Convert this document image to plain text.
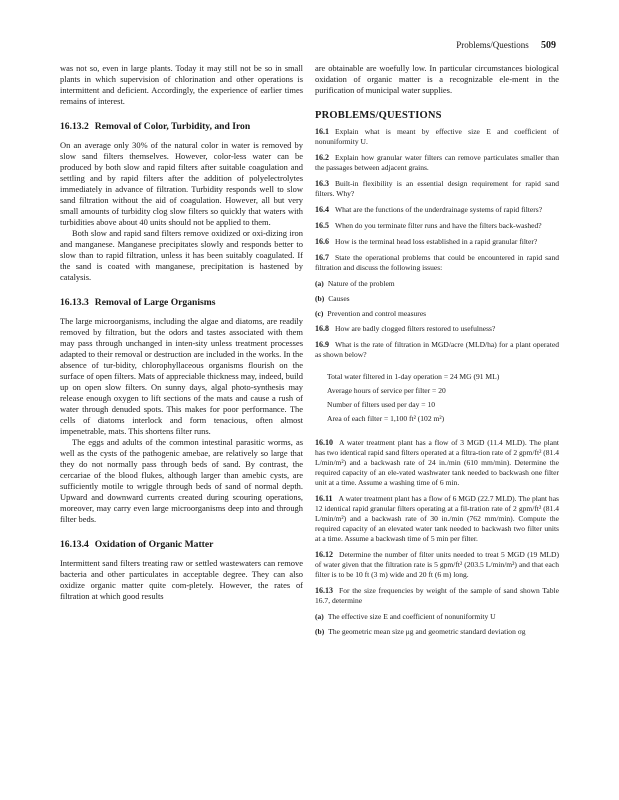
Problems/Questions 509

was not so, even in large plants. Today it may still not be so in small plants in which supervision of chlorination and other operations is intermittent and deficient. Accordingly, the experience of earlier times remains of interest.

16.13.2 Removal of Color, Turbidity, and Iron

On an average only 30% of the natural color in water is removed by slow sand filters themselves. However, color-less water can be produced by both slow and rapid filters after suitable coagulation and settling and by rapid filters after the addition of polyelectrolytes immediately in advance of filtration. Turbidity responds well to slow sand filtration without the aid of coagulation. However, all but very small amounts of turbidity clog slow filters so quickly that waters with turbidities above about 40 units should not be applied to them.

Both slow and rapid sand filters remove oxidized or oxi-dizing iron and manganese. Manganese precipitates slowly and responds better to slow than to rapid filtration, unless it has been suitably coagulated. If the sand is coated with manganese, precipitation is hastened by catalysis.

16.13.3 Removal of Large Organisms

The large microorganisms, including the algae and diatoms, are readily removed by filtration, but the odors and tastes associated with them may pass through unchanged in inten-sity unless treatment processes adapted to their removal or destruction are included in the works. In the absence of tur-bidity, chlorophyllaceous organisms flourish on the surface of open filters. Mats of appreciable thickness may, indeed, build up on open slow filters. On sunny days, algal photo-synthesis may release enough oxygen to lift sections of the mats and cause a rush of water through denuded spots. This makes for poor performance. The cells of diatoms interlock and form tenacious, often almost impenetrable, mats. This shortens filter runs.

The eggs and adults of the common intestinal parasitic worms, as well as the cysts of the pathogenic amebae, are relatively so large that they do not normally pass through beds of sand. By contrast, the cercariae of the blood flukes, although larger than amebic cysts, are sufficiently motile to wriggle through beds of sand of normal depth. Upward and downward currents created during scouring operations, moreover, may carry even large microorganisms deep into and through filter beds.

16.13.4 Oxidation of Organic Matter

Intermittent sand filters treating raw or settled wastewaters can remove bacteria and other particulates in acceptable degree. They can also oxidize organic matter quite com-pletely. However, the rates of filtration at which good results

are obtainable are woefully low. In particular circumstances biological oxidation of organic matter is a recognizable ele-ment in the purification of municipal water supplies.

PROBLEMS/QUESTIONS
16.1 Explain what is meant by effective size E and coefficient of nonuniformity U.
16.2 Explain how granular water filters can remove particulates smaller than the passages between adjacent grains.
16.3 Built-in flexibility is an essential design requirement for rapid sand filters. Why?
16.4 What are the functions of the underdrainage systems of rapid filters?
16.5 When do you terminate filter runs and have the filters back-washed?
16.6 How is the terminal head loss established in a rapid granular filter?
16.7 State the operational problems that could be encountered in rapid sand filtration and discuss the following issues:
(a) Nature of the problem
(b) Causes
(c) Prevention and control measures
16.8 How are badly clogged filters restored to usefulness?
16.9 What is the rate of filtration in MGD/acre (MLD/ha) for a plant operated as shown below?
Total water filtered in 1-day operation = 24 MG (91 ML)
Average hours of service per filter = 20
Number of filters used per day = 10
Area of each filter = 1,100 ft² (102 m²)
16.10 A water treatment plant has a flow of 3 MGD (11.4 MLD). The plant has two identical rapid sand filters operated at a filtra-tion rate of 2 gpm/ft² (81.4 L/min/m²) and a backwash rate of 24 in./min (610 mm/min). Determine the required capacity of an ele-vated washwater tank needed to backwash one filter unit at a time. Assume a washing time of 6 min.
16.11 A water treatment plant has a flow of 6 MGD (22.7 MLD). The plant has 12 identical rapid granular filters operating at a fil-tration rate of 2 gpm/ft² (81.4 L/min/m²) and a backwash rate of 30 in./min (762 mm/min). Compute the required capacity of an elevated water tank needed to backwash two filter units at a time. Assume a backwash time of 5 min per filter.
16.12 Determine the number of filter units needed to treat 5 MGD (19 MLD) of water given that the filtration rate is 5 gpm/ft² (203.5 L/min/m²) and that each filter is to be 10 ft (3 m) wide and 20 ft (6 m) long.
16.13 For the size frequencies by weight of the sample of sand shown Table 16.7, determine
(a) The effective size E and coefficient of nonuniformity U
(b) The geometric mean size μg and geometric standard deviation σg
